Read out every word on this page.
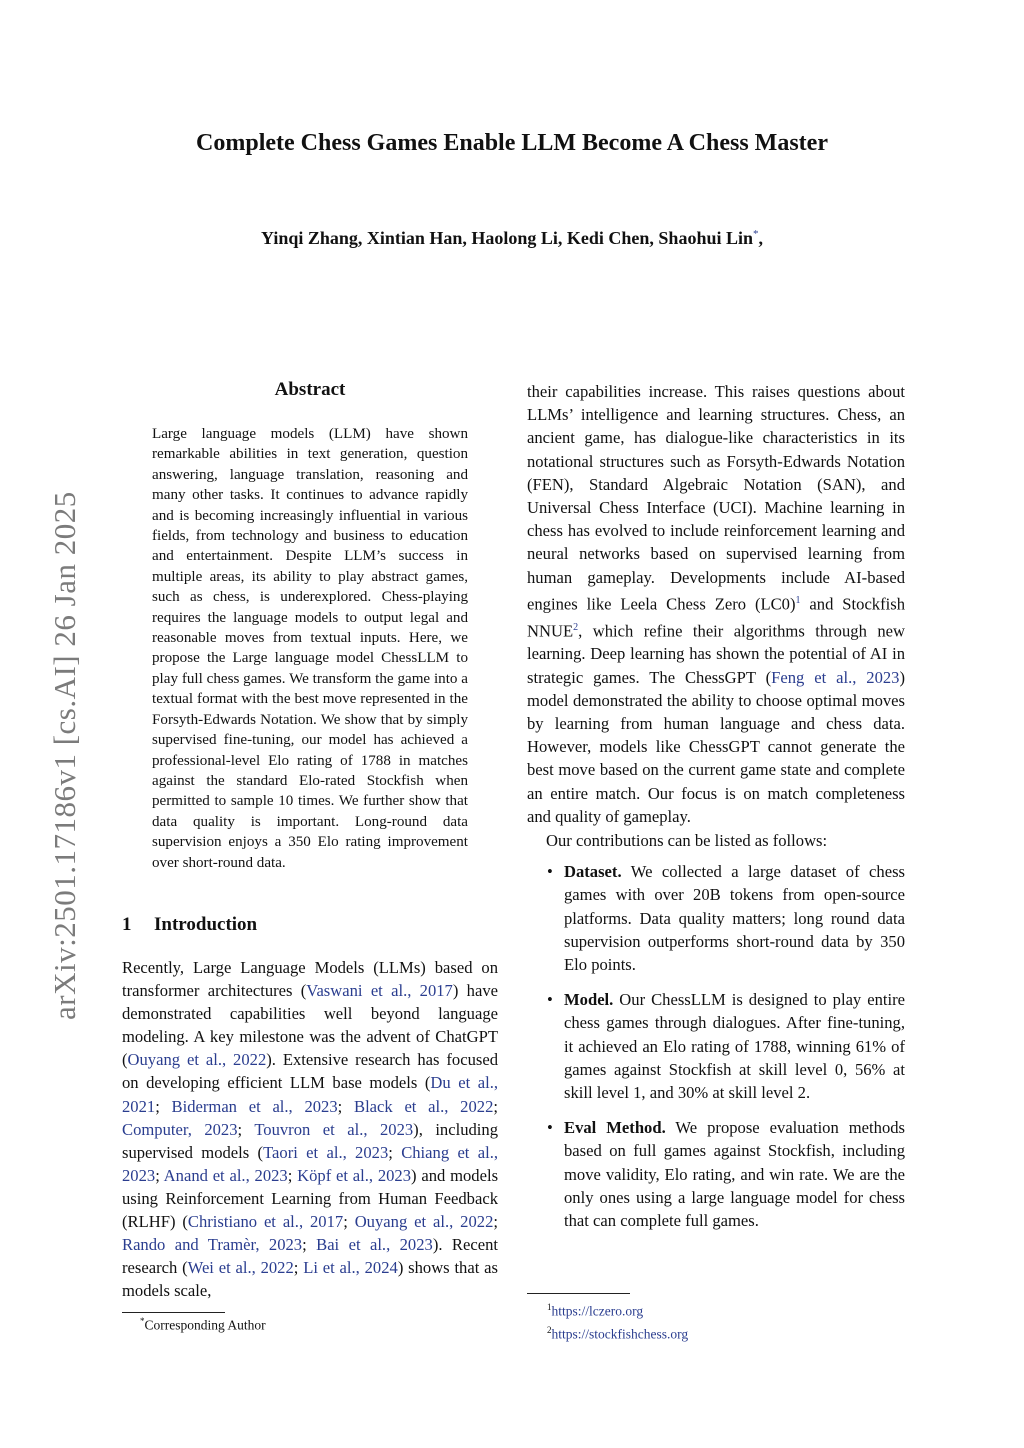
arXiv:2501.17186v1 [cs.AI] 26 Jan 2025
Complete Chess Games Enable LLM Become A Chess Master
Yinqi Zhang, Xintian Han, Haolong Li, Kedi Chen, Shaohui Lin*,
Abstract
Large language models (LLM) have shown remarkable abilities in text generation, question answering, language translation, reasoning and many other tasks. It continues to advance rapidly and is becoming increasingly influential in various fields, from technology and business to education and entertainment. Despite LLM’s success in multiple areas, its ability to play abstract games, such as chess, is underexplored. Chess-playing requires the language models to output legal and reasonable moves from textual inputs. Here, we propose the Large language model ChessLLM to play full chess games. We transform the game into a textual format with the best move represented in the Forsyth-Edwards Notation. We show that by simply supervised fine-tuning, our model has achieved a professional-level Elo rating of 1788 in matches against the standard Elo-rated Stockfish when permitted to sample 10 times. We further show that data quality is important. Long-round data supervision enjoys a 350 Elo rating improvement over short-round data.
1 Introduction
Recently, Large Language Models (LLMs) based on transformer architectures (Vaswani et al., 2017) have demonstrated capabilities well beyond language modeling. A key milestone was the advent of ChatGPT (Ouyang et al., 2022). Extensive research has focused on developing efficient LLM base models (Du et al., 2021; Biderman et al., 2023; Black et al., 2022; Computer, 2023; Touvron et al., 2023), including supervised models (Taori et al., 2023; Chiang et al., 2023; Anand et al., 2023; Köpf et al., 2023) and models using Reinforcement Learning from Human Feedback (RLHF) (Christiano et al., 2017; Ouyang et al., 2022; Rando and Tramèr, 2023; Bai et al., 2023). Recent research (Wei et al., 2022; Li et al., 2024) shows that as models scale,
*Corresponding Author

their capabilities increase. This raises questions about LLMs’ intelligence and learning structures. Chess, an ancient game, has dialogue-like characteristics in its notational structures such as Forsyth-Edwards Notation (FEN), Standard Algebraic Notation (SAN), and Universal Chess Interface (UCI). Machine learning in chess has evolved to include reinforcement learning and neural networks based on supervised learning from human gameplay. Developments include AI-based engines like Leela Chess Zero (LC0)$^1$ and Stockfish NNUE$^2$, which refine their algorithms through new learning. Deep learning has shown the potential of AI in strategic games. The ChessGPT (Feng et al., 2023) model demonstrated the ability to choose optimal moves by learning from human language and chess data. However, models like ChessGPT cannot generate the best move based on the current game state and complete an entire match. Our focus is on match completeness and quality of gameplay.

Our contributions can be listed as follows:

• Dataset. We collected a large dataset of chess games with over 20B tokens from open-source platforms. Data quality matters; long round data supervision outperforms short-round data by 350 Elo points.
• Model. Our ChessLLM is designed to play entire chess games through dialogues. After fine-tuning, it achieved an Elo rating of 1788, winning 61% of games against Stockfish at skill level 0, 56% at skill level 1, and 30% at skill level 2.
• Eval Method. We propose evaluation methods based on full games against Stockfish, including move validity, Elo rating, and win rate. We are the only ones using a large language model for chess that can complete full games.
$^1$https://lczero.org
$^2$https://stockfishchess.org
